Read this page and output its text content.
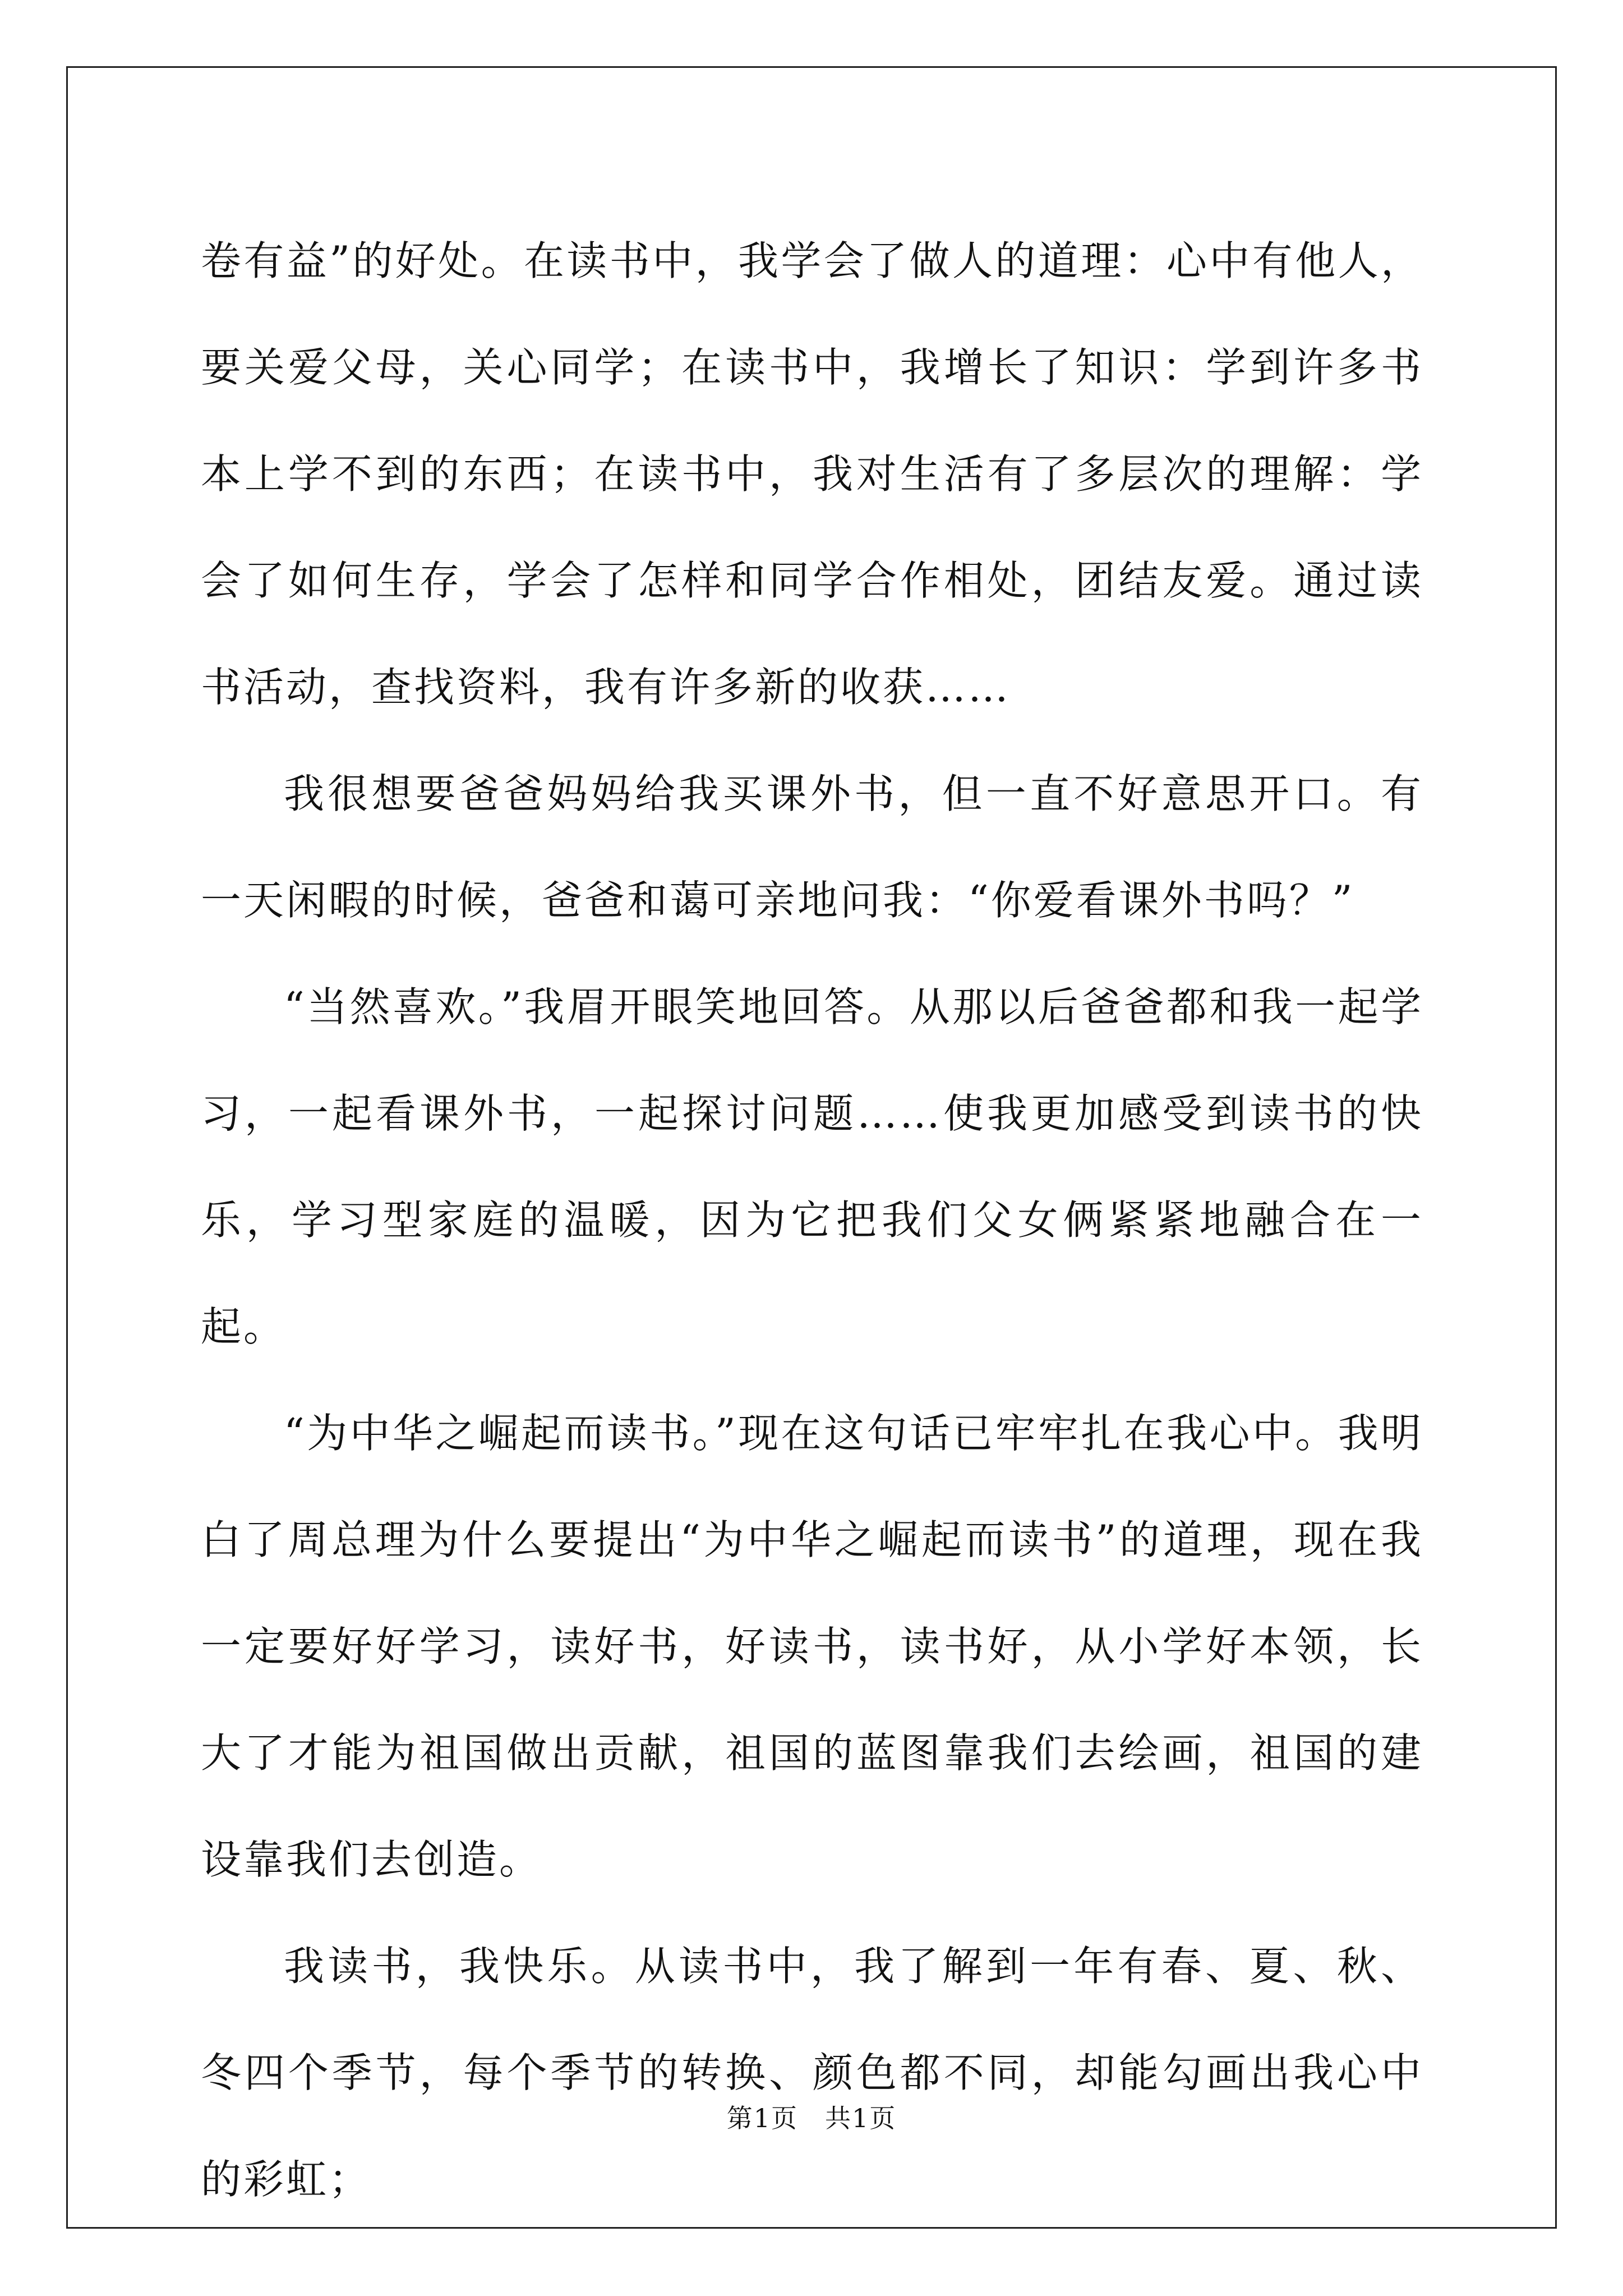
卷有益”的好处。在读书中，我学会了做人的道理：心中有他人，要关爱父母，关心同学；在读书中，我增长了知识：学到许多书本上学不到的东西；在读书中，我对生活有了多层次的理解：学会了如何生存，学会了怎样和同学合作相处，团结友爱。通过读书活动，查找资料，我有许多新的收获……

我很想要爸爸妈妈给我买课外书，但一直不好意思开口。有一天闲暇的时候，爸爸和蔼可亲地问我：“你爱看课外书吗？”

“当然喜欢。”我眉开眼笑地回答。从那以后爸爸都和我一起学习，一起看课外书，一起探讨问题……使我更加感受到读书的快乐，学习型家庭的温暖，因为它把我们父女俩紧紧地融合在一起。

“为中华之崛起而读书。”现在这句话已牢牢扎在我心中。我明白了周总理为什么要提出“为中华之崛起而读书”的道理，现在我一定要好好学习，读好书，好读书，读书好，从小学好本领，长大了才能为祖国做出贡献，祖国的蓝图靠我们去绘画，祖国的建设靠我们去创造。

我读书，我快乐。从读书中，我了解到一年有春、夏、秋、冬四个季节，每个季节的转换、颜色都不同，却能勾画出我心中的彩虹；

第1页　共1页
